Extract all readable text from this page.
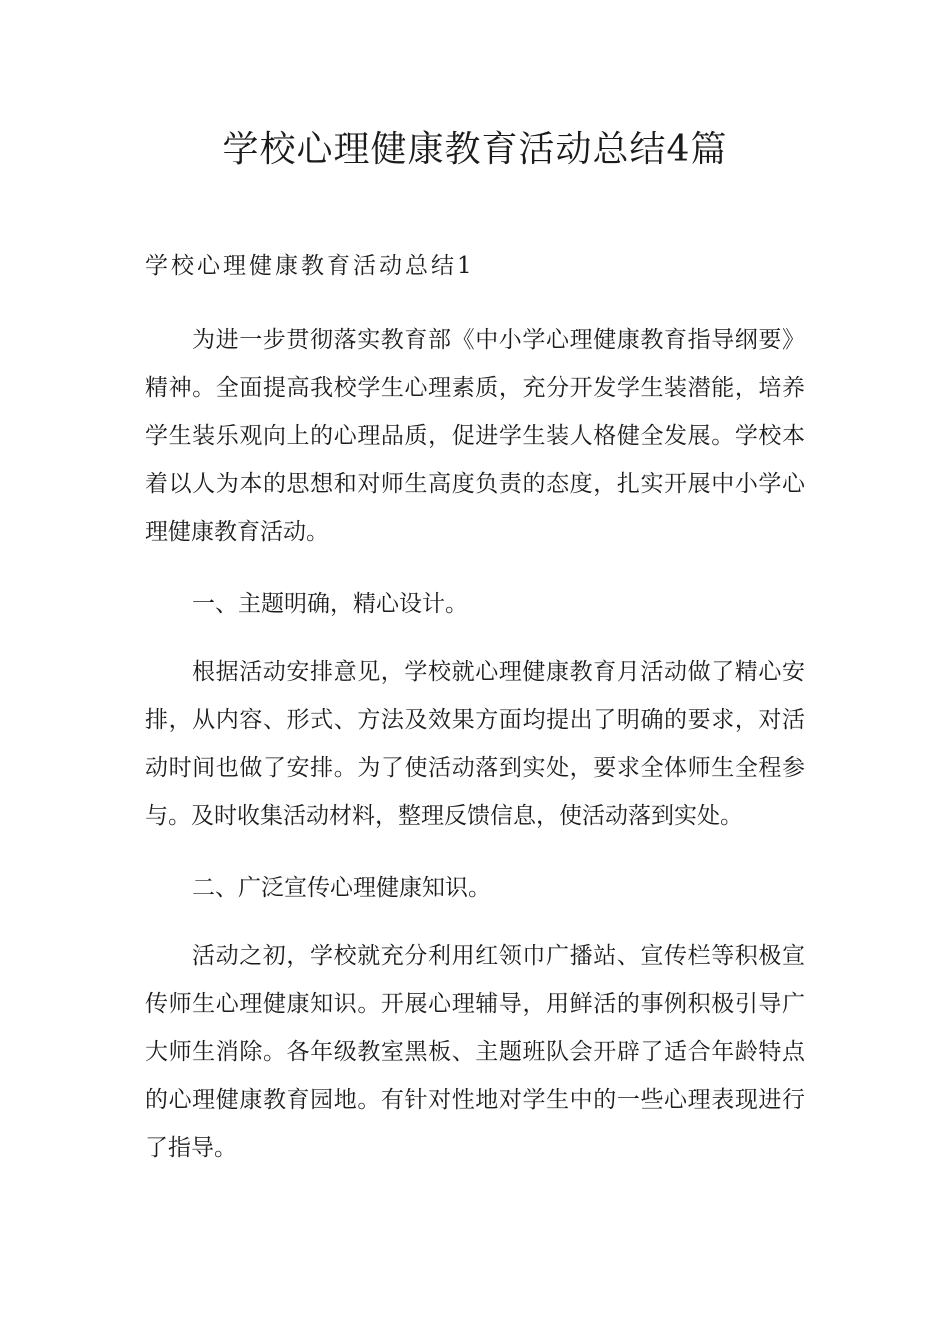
学校心理健康教育活动总结4篇
学校心理健康教育活动总结1
为进一步贯彻落实教育部《中小学心理健康教育指导纲要》
精神。全面提高我校学生心理素质，充分开发学生装潜能，培养
学生装乐观向上的心理品质，促进学生装人格健全发展。学校本
着以人为本的思想和对师生高度负责的态度，扎实开展中小学心
理健康教育活动。
一、主题明确，精心设计。
根据活动安排意见，学校就心理健康教育月活动做了精心安
排，从内容、形式、方法及效果方面均提出了明确的要求，对活
动时间也做了安排。为了使活动落到实处，要求全体师生全程参
与。及时收集活动材料，整理反馈信息，使活动落到实处。
二、广泛宣传心理健康知识。
活动之初，学校就充分利用红领巾广播站、宣传栏等积极宣
传师生心理健康知识。开展心理辅导，用鲜活的事例积极引导广
大师生消除。各年级教室黑板、主题班队会开辟了适合年龄特点
的心理健康教育园地。有针对性地对学生中的一些心理表现进行
了指导。
